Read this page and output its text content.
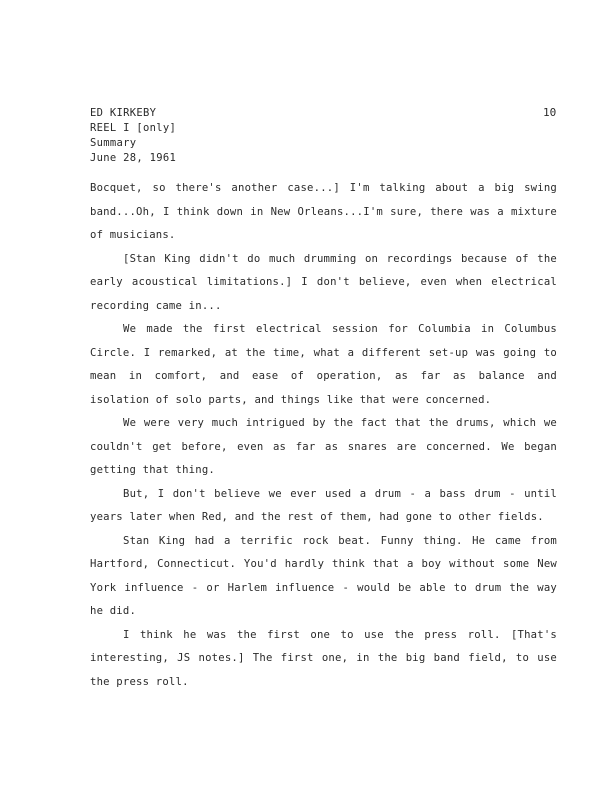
ED KIRKEBY
REEL I [only]
Summary
June 28, 1961
10

Bocquet, so there's another case...] I'm talking about a big swing band...Oh, I think down in New Orleans...I'm sure, there was a mixture of musicians.

[Stan King didn't do much drumming on recordings because of the early acoustical limitations.] I don't believe, even when electrical recording came in...

We made the first electrical session for Columbia in Columbus Circle. I remarked, at the time, what a different set-up was going to mean in comfort, and ease of operation, as far as balance and isolation of solo parts, and things like that were concerned.

We were very much intrigued by the fact that the drums, which we couldn't get before, even as far as snares are concerned. We began getting that thing.

But, I don't believe we ever used a drum - a bass drum - until years later when Red, and the rest of them, had gone to other fields.

Stan King had a terrific rock beat. Funny thing. He came from Hartford, Connecticut. You'd hardly think that a boy without some New York influence - or Harlem influence - would be able to drum the way he did.

I think he was the first one to use the press roll. [That's interesting, JS notes.] The first one, in the big band field, to use the press roll.
